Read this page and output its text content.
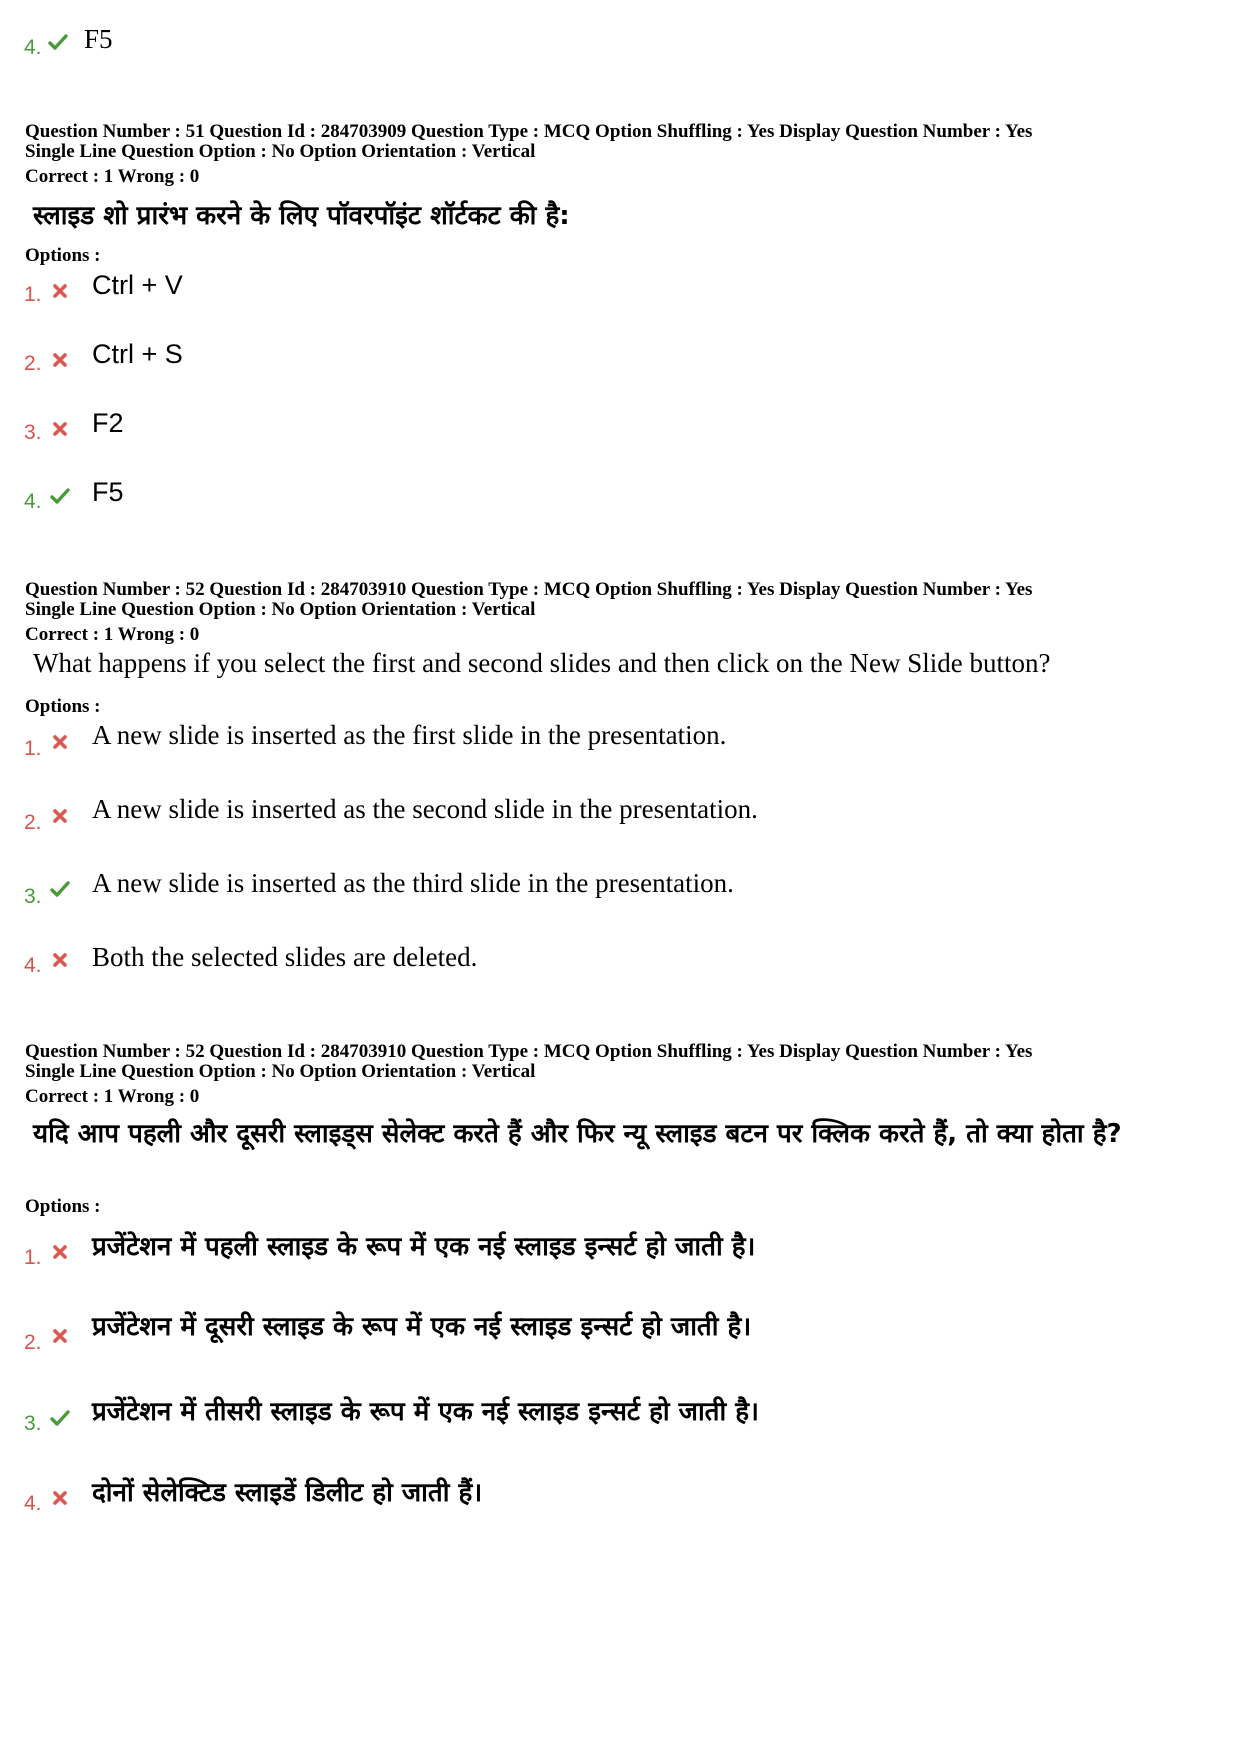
4. F5
Question Number : 51 Question Id : 284703909 Question Type : MCQ Option Shuffling : Yes Display Question Number : Yes
Single Line Question Option : No Option Orientation : Vertical
Correct : 1 Wrong : 0
स्लाइड शो प्रारंभ करने के लिए पॉवरपॉइंट शॉर्टकट की है:
Options :
1. Ctrl + V
2. Ctrl + S
3. F2
4. F5
Question Number : 52 Question Id : 284703910 Question Type : MCQ Option Shuffling : Yes Display Question Number : Yes
Single Line Question Option : No Option Orientation : Vertical
Correct : 1 Wrong : 0
What happens if you select the first and second slides and then click on the New Slide button?
Options :
1. A new slide is inserted as the first slide in the presentation.
2. A new slide is inserted as the second slide in the presentation.
3. A new slide is inserted as the third slide in the presentation.
4. Both the selected slides are deleted.
Question Number : 52 Question Id : 284703910 Question Type : MCQ Option Shuffling : Yes Display Question Number : Yes
Single Line Question Option : No Option Orientation : Vertical
Correct : 1 Wrong : 0
यदि आप पहली और दूसरी स्लाइड्स सेलेक्ट करते हैं और फिर न्यू स्लाइड बटन पर क्लिक करते हैं, तो क्या होता है?
Options :
1. प्रजेंटेशन में पहली स्लाइड के रूप में एक नई स्लाइड इन्सर्ट हो जाती है।
2.
प्रजेंटेशन में दूसरी स्लाइड के रूप में एक नई स्लाइड इन्सर्ट हो जाती है।
3. प्रजेंटेशन में तीसरी स्लाइड के रूप में एक नई स्लाइड इन्सर्ट हो जाती है।
4. दोनों सेलेक्टिड स्लाइडें डिलीट हो जाती हैं।
